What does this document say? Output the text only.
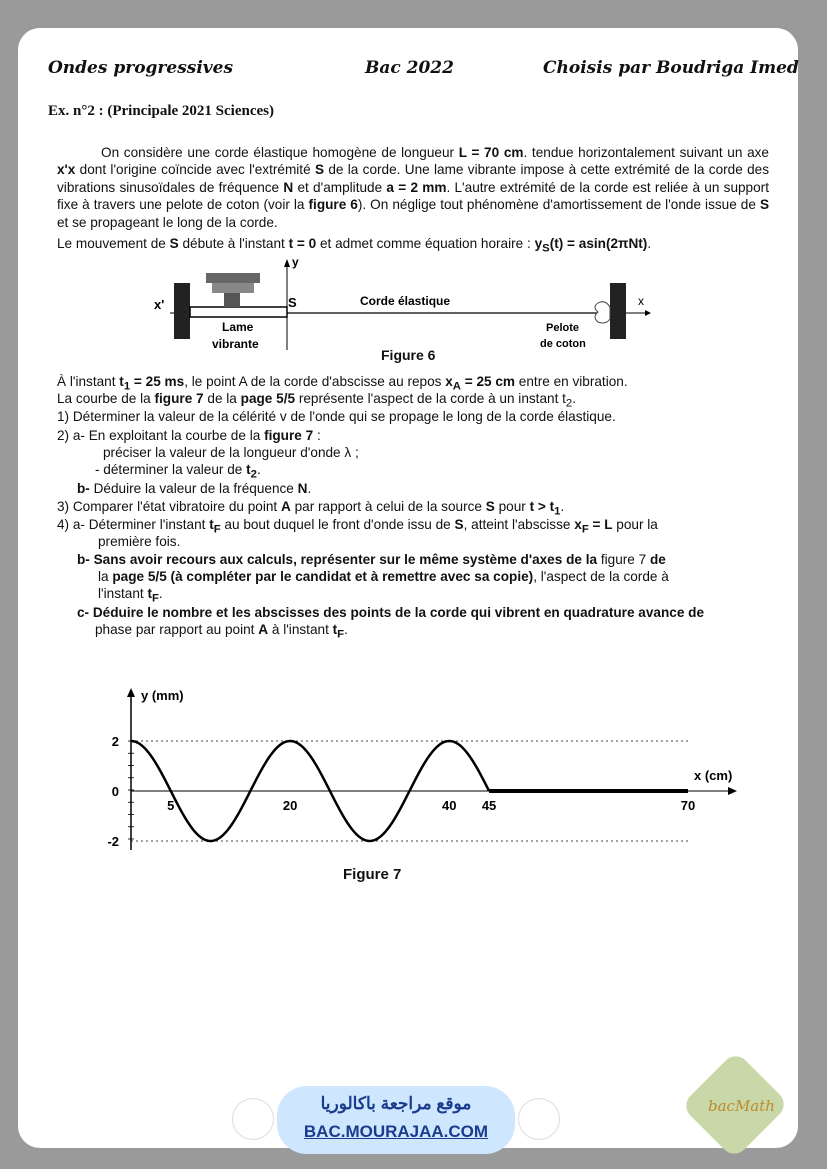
Ondes progressives	Bac 2022	Choisis par Boudriga Imed
Ex. n°2 : (Principale 2021 Sciences)
On considère une corde élastique homogène de longueur L = 70 cm. tendue horizontalement suivant un axe x'x dont l'origine coïncide avec l'extrémité S de la corde. Une lame vibrante impose à cette extrémité de la corde des vibrations sinusoïdales de fréquence N et d'amplitude a = 2 mm. L'autre extrémité de la corde est reliée à un support fixe à travers une pelote de coton (voir la figure 6). On néglige tout phénomène d'amortissement de l'onde issue de S et se propageant le long de la corde.
Le mouvement de S débute à l'instant t = 0 et admet comme équation horaire : $y_S(t) = asin(2\pi Nt)$.
x'
y
S	Corde élastique	x
Lame
vibrante
Pelote
de coton
Figure 6
À l'instant $t_1 = 25$ ms, le point A de la corde d'abscisse au repos $x_A = 25$ cm entre en vibration.
La courbe de la figure 7 de la page 5/5 représente l'aspect de la corde à un instant $t_2$.
1) Déterminer la valeur de la célérité v de l'onde qui se propage le long de la corde élastique.
2) a- En exploitant la courbe de la figure 7 :
préciser la valeur de la longueur d'onde λ ;
- déterminer la valeur de $t_2$.
b- Déduire la valeur de la fréquence N.
3) Comparer l'état vibratoire du point A par rapport à celui de la source S pour $t > t_1$.
4) a- Déterminer l'instant $t_F$ au bout duquel le front d'onde issu de S, atteint l'abscisse $x_F = L$ pour la
première fois.
b- Sans avoir recours aux calculs, représenter sur le même système d'axes de la figure 7 de
la page 5/5 (à compléter par le candidat et à remettre avec sa copie), l'aspect de la corde à
l'instant $t_F$.
c- Déduire le nombre et les abscisses des points de la corde qui vibrent en quadrature avance de
phase par rapport au point A à l'instant $t_F$.
5	20	40 45	70
2
0
-2
y (mm)
x (cm)
Figure 7
موقع مراجعة باكالوريا
BAC.MOURAJAA.COM
bacMath
